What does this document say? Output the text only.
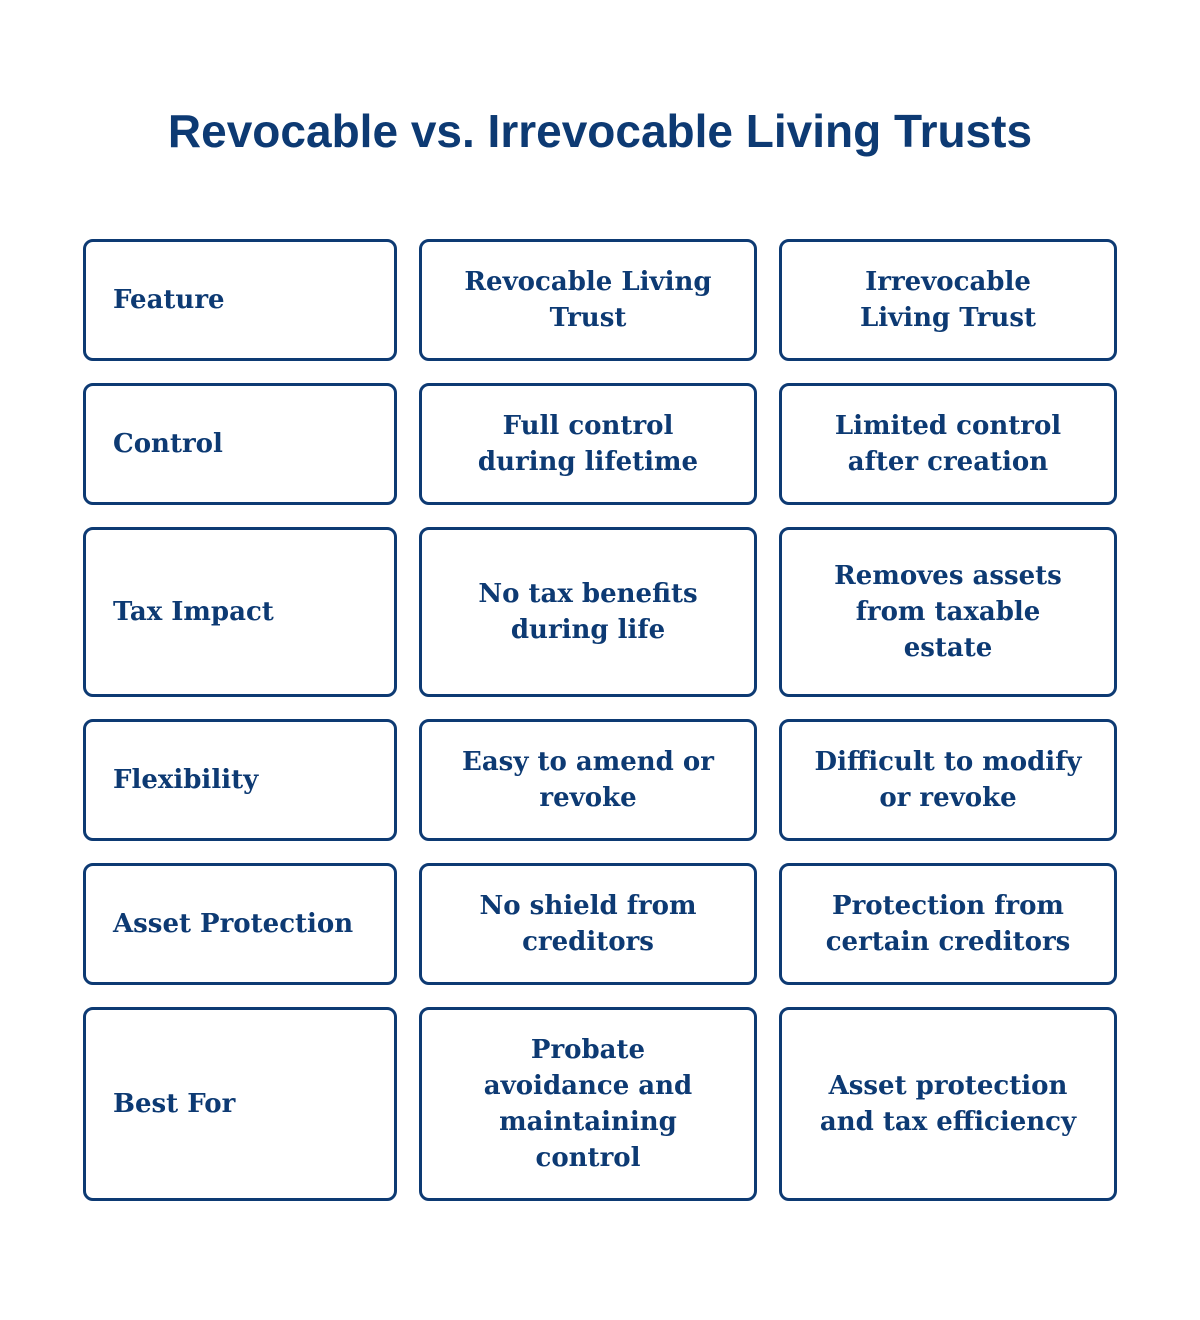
Revocable vs. Irrevocable Living Trusts
Feature
Revocable Living Trust
Irrevocable Living Trust
Control
Full control during lifetime
Limited control after creation
Tax Impact
No tax benefits during life
Removes assets from taxable estate
Flexibility
Easy to amend or revoke
Difficult to modify or revoke
Asset Protection
No shield from creditors
Protection from certain creditors
Best For
Probate avoidance and maintaining control
Asset protection and tax efficiency
